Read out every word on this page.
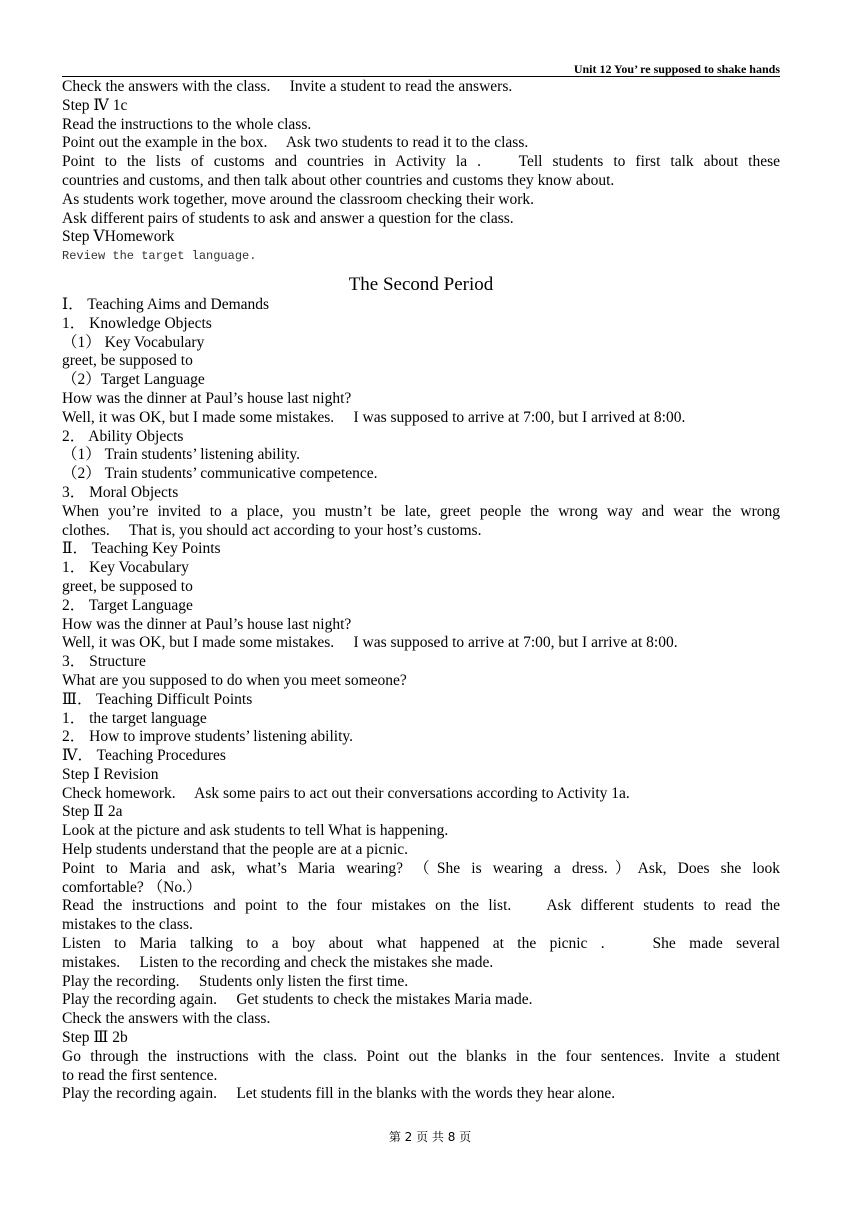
Unit 12 You’ re supposed to shake hands
Check the answers with the class.　 Invite a student to read the answers.
Step Ⅳ 1c
Read the instructions to the whole class.
Point out the example in the box.　 Ask two students to read it to the class.
Point to the lists of customs and countries in Activity la .　 Tell students to first talk about these
countries and customs, and then talk about other countries and customs they know about.
As students work together, move around the classroom checking their work.
Ask different pairs of students to ask and answer a question for the class.
Step ⅤHomework
Review the target language.
The Second Period
Ⅰ． Teaching Aims and Demands
1． Knowledge Objects
（1） Key Vocabulary
greet, be supposed to
（2）Target Language
How was the dinner at Paul’s house last night?
Well, it was OK, but I made some mistakes.　 I was supposed to arrive at 7:00, but I arrived at 8:00.
2． Ability Objects
（1） Train students’ listening ability.
（2） Train students’ communicative competence.
3． Moral Objects
When you’re invited to a place, you mustn’t be late, greet people the wrong way and wear the wrong
clothes.　 That is, you should act according to your host’s customs.
Ⅱ． Teaching Key Points
1． Key Vocabulary
greet, be supposed to
2． Target Language
How was the dinner at Paul’s house last night?
Well, it was OK, but I made some mistakes.　 I was supposed to arrive at 7:00, but I arrive at 8:00.
3． Structure
What are you supposed to do when you meet someone?
Ⅲ． Teaching Difficult Points
1． the target language
2． How to improve students’ listening ability.
Ⅳ． Teaching Procedures
Step Ⅰ Revision
Check homework.　 Ask some pairs to act out their conversations according to Activity 1a.
Step Ⅱ 2a
Look at the picture and ask students to tell What is happening.
Help students understand that the people are at a picnic.
Point to Maria and ask, what’s Maria wearing? （She is wearing a dress.）Ask, Does she look
comfortable? （No.）
Read the instructions and point to the four mistakes on the list.　 Ask different students to read the
mistakes to the class.
Listen to Maria talking to a boy about what happened at the picnic .　 She made several
mistakes.　 Listen to the recording and check the mistakes she made.
Play the recording.　 Students only listen the first time.
Play the recording again.　 Get students to check the mistakes Maria made.
Check the answers with the class.
Step Ⅲ 2b
Go through the instructions with the class. Point out the blanks in the four sentences. Invite a student
to read the first sentence.
Play the recording again.　 Let students fill in the blanks with the words they hear alone.
第 2 页 共 8 页
